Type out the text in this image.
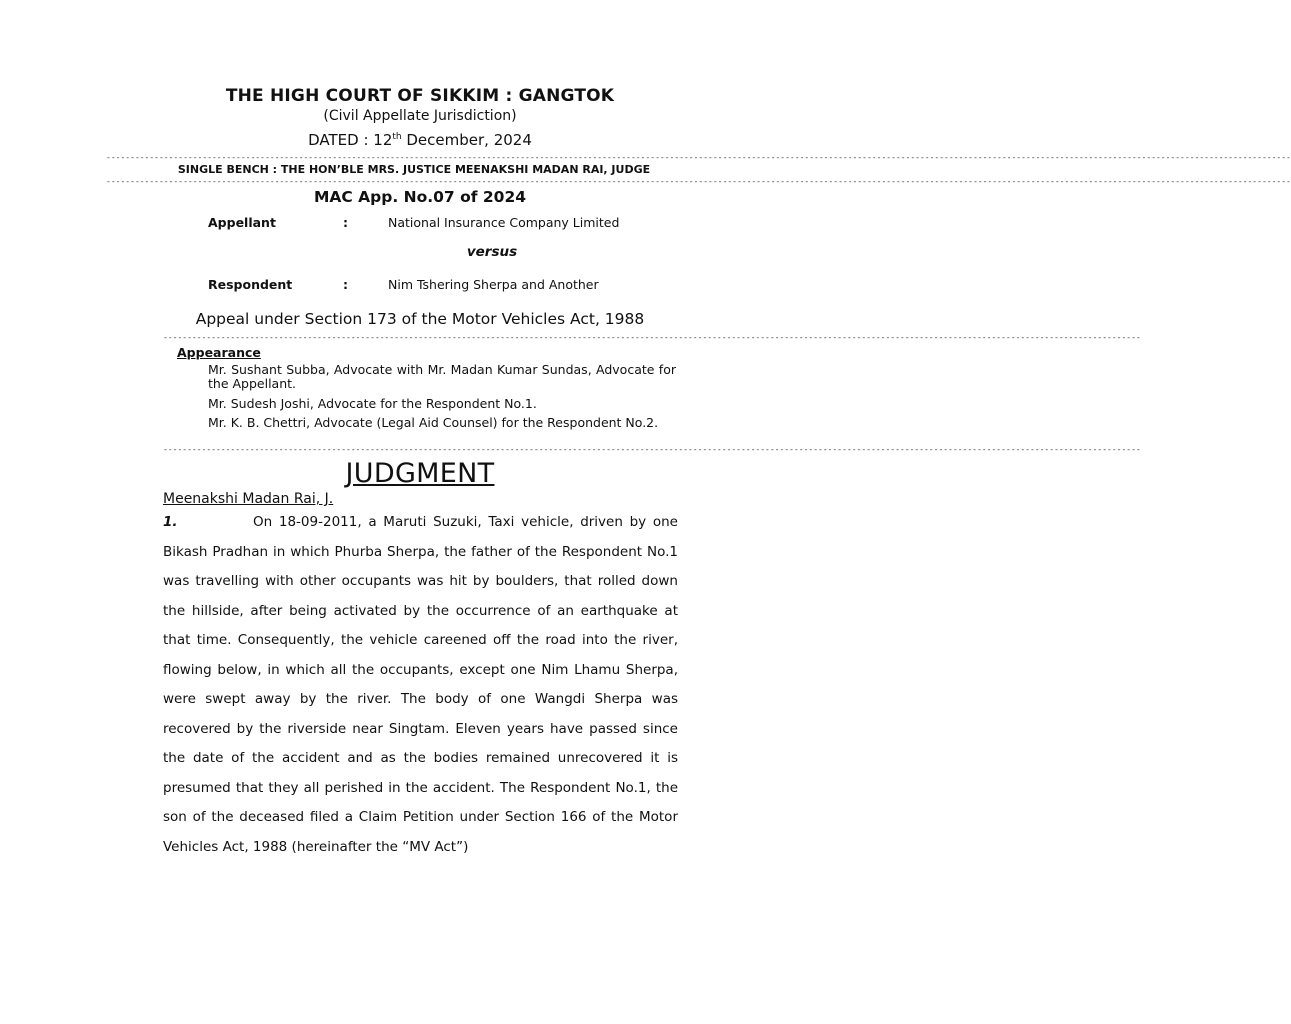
THE HIGH COURT OF SIKKIM : GANGTOK
(Civil Appellate Jurisdiction)
DATED : 12th December, 2024
------------------------------------------------------------------------------------------------------------------------------------------------------------------------------------------------------------------------------------------------------
SINGLE BENCH : THE HON’BLE MRS. JUSTICE MEENAKSHI MADAN RAI, JUDGE
------------------------------------------------------------------------------------------------------------------------------------------------------------------------------------------------------------------------------------------------------
MAC App. No.07 of 2024
Appellant	:	National Insurance Company Limited
versus
Respondent	:	Nim Tshering Sherpa and Another
Appeal under Section 173 of the Motor Vehicles Act, 1988
-----------------------------------------------------------------------------------------------------------------------------------------------------------------------------------------------------------
Appearance
Mr. Sushant Subba, Advocate with Mr. Madan Kumar Sundas, Advocate for the Appellant.
Mr. Sudesh Joshi, Advocate for the Respondent No.1.
Mr. K. B. Chettri, Advocate (Legal Aid Counsel) for the Respondent No.2.
-----------------------------------------------------------------------------------------------------------------------------------------------------------------------------------------------------------
JUDGMENT
Meenakshi Madan Rai, J.
1.	On 18-09-2011, a Maruti Suzuki, Taxi vehicle, driven by one Bikash Pradhan in which Phurba Sherpa, the father of the Respondent No.1 was travelling with other occupants was hit by boulders, that rolled down the hillside, after being activated by the occurrence of an earthquake at that time. Consequently, the vehicle careened off the road into the river, flowing below, in which all the occupants, except one Nim Lhamu Sherpa, were swept away by the river. The body of one Wangdi Sherpa was recovered by the riverside near Singtam. Eleven years have passed since the date of the accident and as the bodies remained unrecovered it is presumed that they all perished in the accident. The Respondent No.1, the son of the deceased filed a Claim Petition under Section 166 of the Motor Vehicles Act, 1988 (hereinafter the “MV Act”)
